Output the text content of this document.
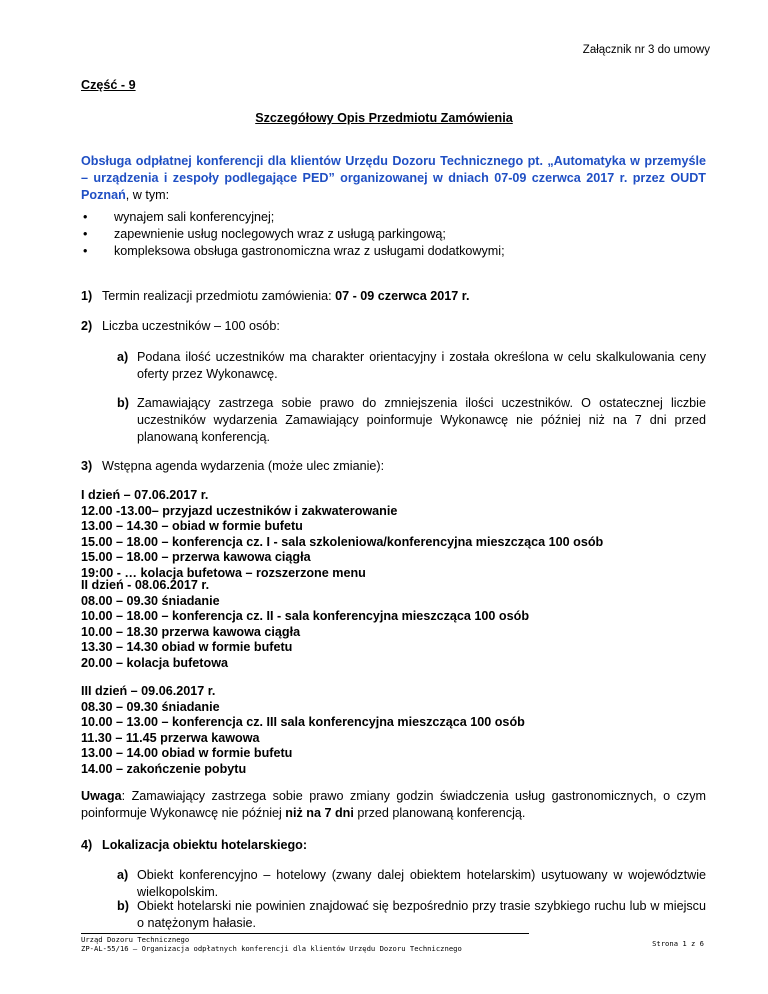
Załącznik nr 3 do umowy
Część - 9
Szczegółowy Opis Przedmiotu Zamówienia
Obsługa odpłatnej konferencji dla klientów Urzędu Dozoru Technicznego pt. „Automatyka w przemyśle – urządzenia i zespoły podlegające PED” organizowanej w dniach 07-09 czerwca 2017 r. przez OUDT Poznań, w tym:
• wynajem sali konferencyjnej;
• zapewnienie usług noclegowych wraz z usługą parkingową;
• kompleksowa obsługa gastronomiczna wraz z usługami dodatkowymi;
1) Termin realizacji przedmiotu zamówienia: 07 - 09 czerwca 2017 r.
2) Liczba uczestników – 100 osób:
a) Podana ilość uczestników ma charakter orientacyjny i została określona w celu skalkulowania ceny oferty przez Wykonawcę.
b) Zamawiający zastrzega sobie prawo do zmniejszenia ilości uczestników. O ostatecznej liczbie uczestników wydarzenia Zamawiający poinformuje Wykonawcę nie później niż na 7 dni przed planowaną konferencją.
3) Wstępna agenda wydarzenia (może ulec zmianie):
I dzień – 07.06.2017 r.
12.00 -13.00– przyjazd uczestników i zakwaterowanie
13.00 – 14.30 – obiad w formie bufetu
15.00 – 18.00 – konferencja cz. I - sala szkoleniowa/konferencyjna mieszcząca 100 osób
15.00 – 18.00 – przerwa kawowa ciągła
19:00 - … kolacja bufetowa – rozszerzone menu
II dzień - 08.06.2017 r.
08.00 – 09.30 śniadanie
10.00 – 18.00 – konferencja cz. II - sala konferencyjna mieszcząca 100 osób
10.00 – 18.30 przerwa kawowa ciągła
13.30 – 14.30 obiad w formie bufetu
20.00 – kolacja bufetowa
III dzień – 09.06.2017 r.
08.30 – 09.30 śniadanie
10.00 – 13.00 – konferencja cz. III sala konferencyjna mieszcząca 100 osób
11.30 – 11.45 przerwa kawowa
13.00 – 14.00 obiad w formie bufetu
14.00 – zakończenie pobytu
Uwaga: Zamawiający zastrzega sobie prawo zmiany godzin świadczenia usług gastronomicznych, o czym poinformuje Wykonawcę nie później niż na 7 dni przed planowaną konferencją.
4) Lokalizacja obiektu hotelarskiego:
a) Obiekt konferencyjno – hotelowy (zwany dalej obiektem hotelarskim) usytuowany w województwie wielkopolskim.
b) Obiekt hotelarski nie powinien znajdować się bezpośrednio przy trasie szybkiego ruchu lub w miejscu o natężonym hałasie.
Urząd Dozoru Technicznego
ZP-AL-55/16 – Organizacja odpłatnych konferencji dla klientów Urzędu Dozoru Technicznego
Strona 1 z 6
